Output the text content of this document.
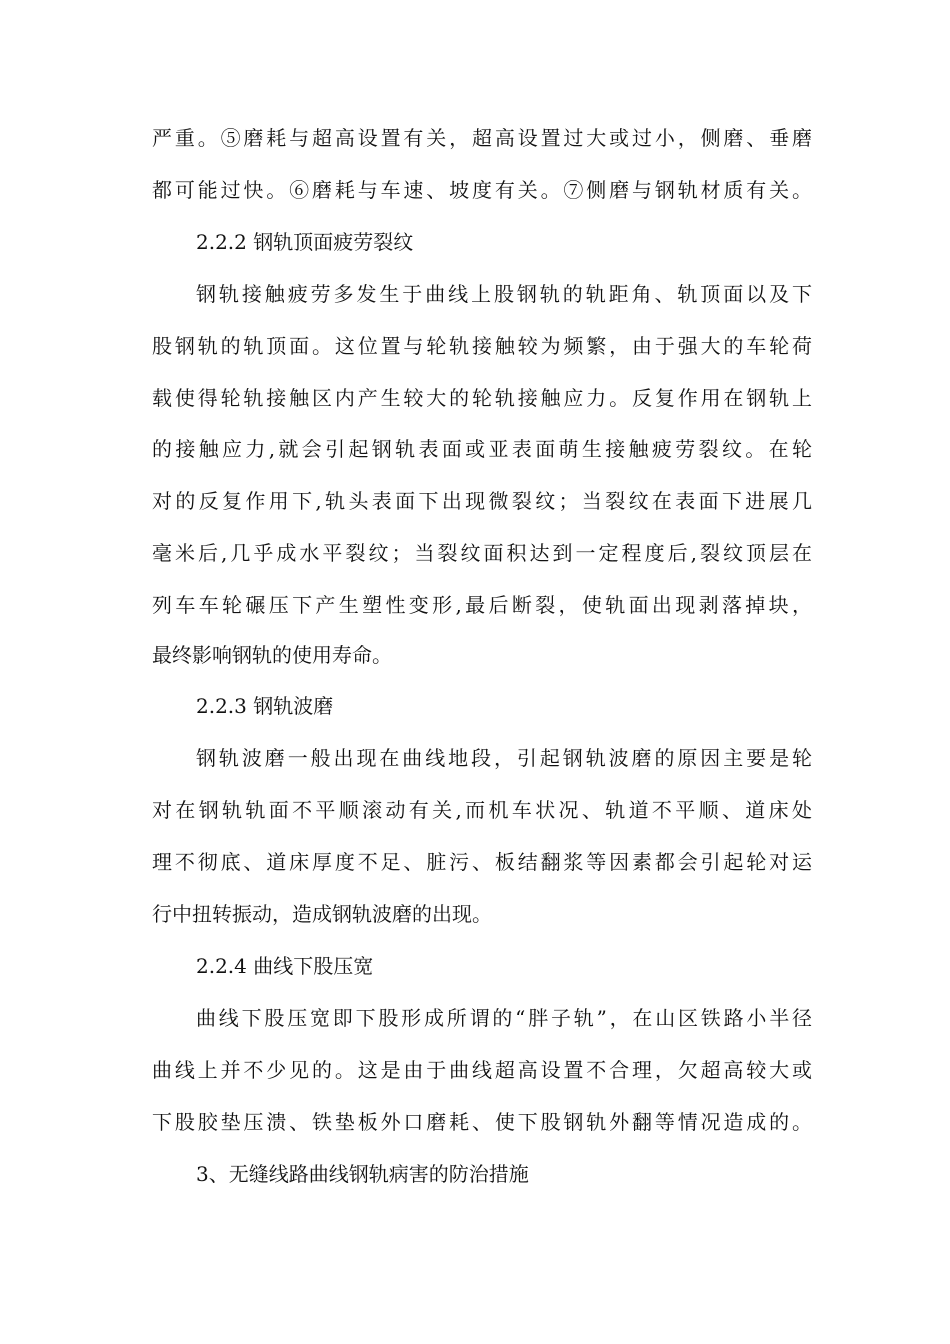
严重。⑤磨耗与超高设置有关，超高设置过大或过小，侧磨、垂磨
都可能过快。⑥磨耗与车速、坡度有关。⑦侧磨与钢轨材质有关。
2.2.2 钢轨顶面疲劳裂纹
钢轨接触疲劳多发生于曲线上股钢轨的轨距角、轨顶面以及下
股钢轨的轨顶面。这位置与轮轨接触较为频繁，由于强大的车轮荷
载使得轮轨接触区内产生较大的轮轨接触应力。反复作用在钢轨上
的接触应力,就会引起钢轨表面或亚表面萌生接触疲劳裂纹。在轮
对的反复作用下,轨头表面下出现微裂纹；当裂纹在表面下进展几
毫米后,几乎成水平裂纹；当裂纹面积达到一定程度后,裂纹顶层在
列车车轮碾压下产生塑性变形,最后断裂，使轨面出现剥落掉块，
最终影响钢轨的使用寿命。
2.2.3 钢轨波磨
钢轨波磨一般出现在曲线地段，引起钢轨波磨的原因主要是轮
对在钢轨轨面不平顺滚动有关,而机车状况、轨道不平顺、道床处
理不彻底、道床厚度不足、脏污、板结翻浆等因素都会引起轮对运
行中扭转振动，造成钢轨波磨的出现。
2.2.4 曲线下股压宽
曲线下股压宽即下股形成所谓的“胖子轨”，在山区铁路小半径
曲线上并不少见的。这是由于曲线超高设置不合理，欠超高较大或
下股胶垫压溃、铁垫板外口磨耗、使下股钢轨外翻等情况造成的。
3、无缝线路曲线钢轨病害的防治措施
